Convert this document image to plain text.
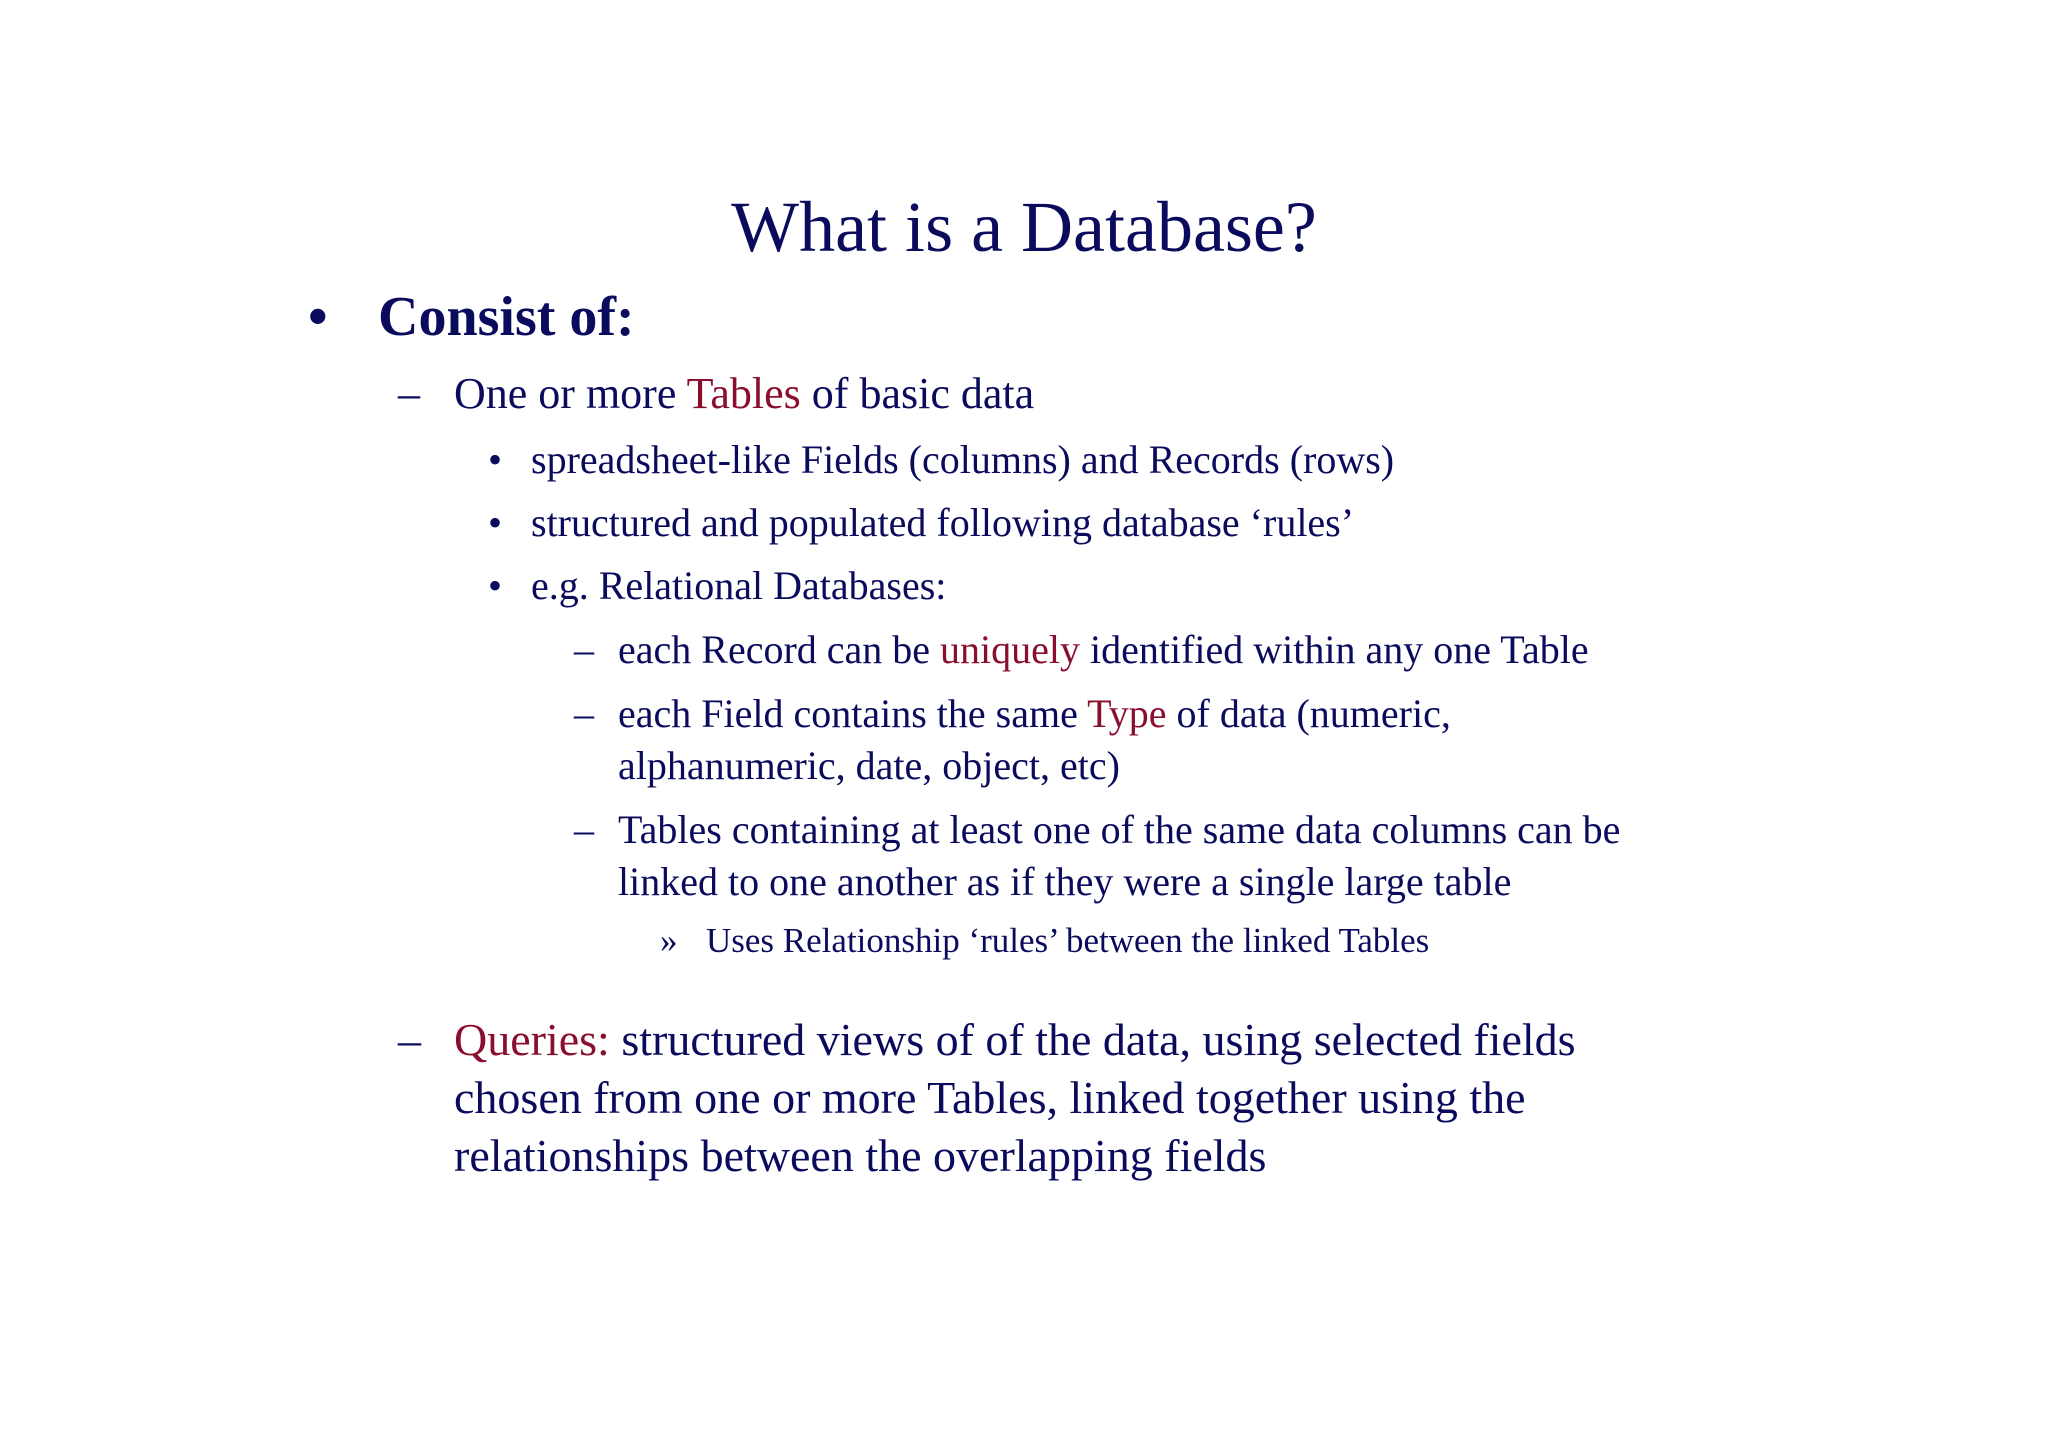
What is a Database?
• Consist of:
– One or more Tables of basic data
• spreadsheet-like Fields (columns) and Records (rows)
• structured and populated following database ‘rules’
• e.g. Relational Databases:
– each Record can be uniquely identified within any one Table
– each Field contains the same Type of data (numeric,
alphanumeric, date, object, etc)
– Tables containing at least one of the same data columns can be
linked to one another as if they were a single large table
» Uses Relationship ‘rules’ between the linked Tables
– Queries: structured views of of the data, using selected fields
chosen from one or more Tables, linked together using the
relationships between the overlapping fields
